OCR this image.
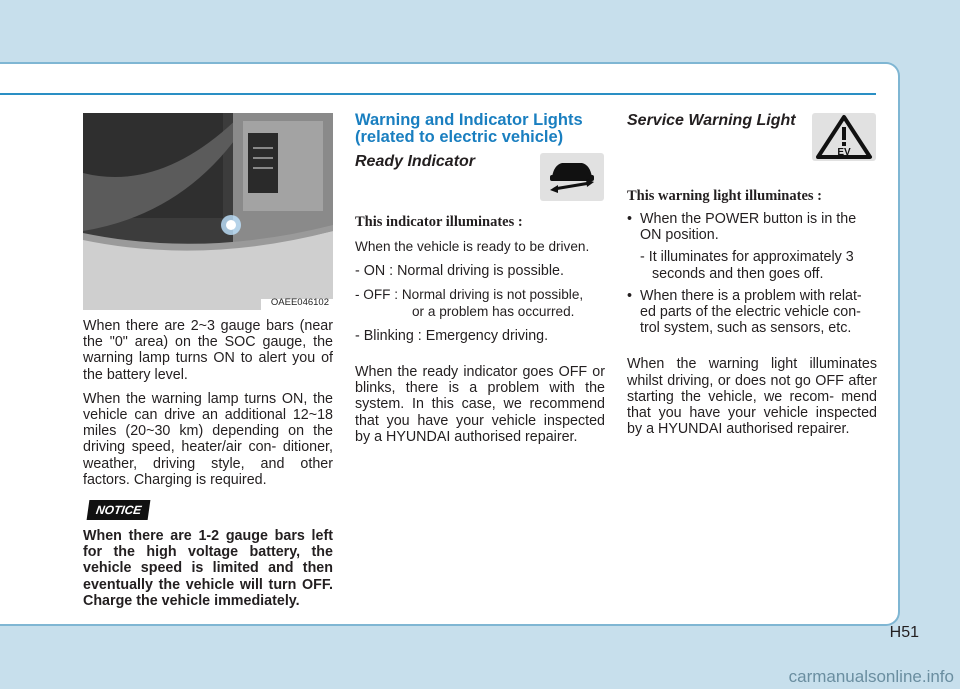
OAEE046102

When there are 2~3 gauge bars (near the "0" area) on the SOC gauge, the warning lamp turns ON to alert you of the battery level.

When the warning lamp turns ON, the vehicle can drive an additional 12~18 miles (20~30 km) depending on the driving speed, heater/air con- ditioner, weather, driving style, and other factors. Charging is required.

NOTICE

When there are 1-2 gauge bars left for the high voltage battery, the vehicle speed is limited and then eventually the vehicle will turn OFF. Charge the vehicle immediately.

Warning and Indicator Lights
(related to electric vehicle)
Ready Indicator

This indicator illuminates :

When the vehicle is ready to be driven.

- ON : Normal driving is possible.

- OFF : Normal driving is not possible,

or a problem has occurred.

- Blinking : Emergency driving.

When the ready indicator goes OFF or blinks, there is a problem with the system. In this case, we recommend that you have your vehicle inspected by a HYUNDAI authorised repairer.

Service Warning Light
EV

This warning light illuminates :

• When the POWER button is in the
ON position.
- It illuminates for approximately 3
seconds and then goes off.
• When there is a problem with relat-
ed parts of the electric vehicle con-
trol system, such as sensors, etc.

When the warning light illuminates whilst driving, or does not go OFF after starting the vehicle, we recom- mend that you have your vehicle inspected by a HYUNDAI authorised repairer.

H51
carmanualsonline.info
